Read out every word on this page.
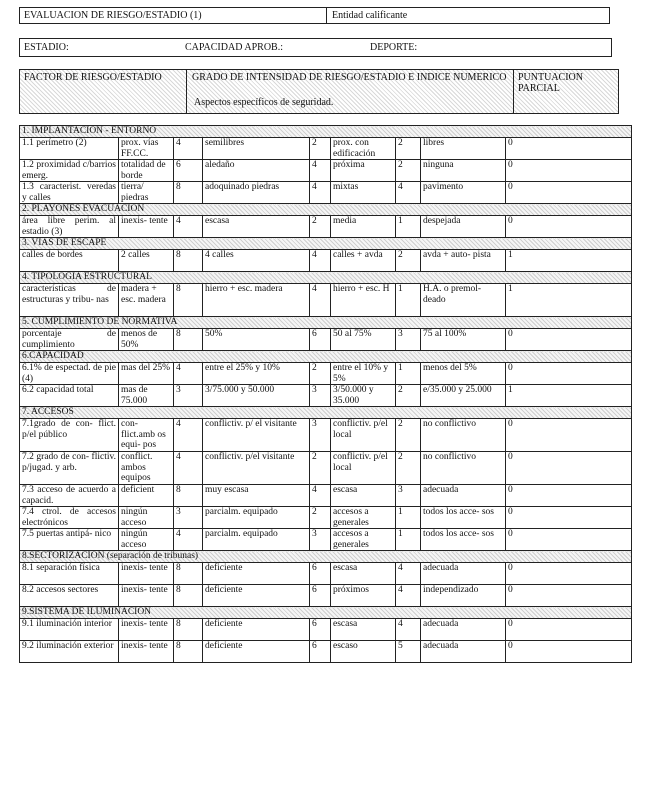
EVALUACION DE RIESGO/ESTADIO (1)	Entidad calificante
ESTADIO:	CAPACIDAD APROB.:	DEPORTE:
FACTOR DE RIESGO/ESTADIO	GRADO DE INTENSIDAD DE RIESGO/ESTADIO E INDICE NUMERICO
Aspectos específicos de seguridad.
PUNTUACION PARCIAL
1. IMPLANTACION - ENTORNO								
1.1 perímetro (2)	prox. vías FF.CC.	4	semilibres	2	prox. con edificación	2	libres	0
1.2 proximidad c/barrios emerg.	totalidad de borde	6	aledaño	4	próxima	2	ninguna	0
1.3 caracterist. veredas y calles	tierra/ piedras	8	adoquinado piedras	4	mixtas	4	pavimento	0
2. PLAYONES EVACUACION								
área libre perim. al estadio (3)	inexis- tente	4	escasa	2	media	1	despejada	0
3. VIAS DE ESCAPE								
calles de bordes	2 calles	8	4 calles	4	calles + avda	2	avda + auto- pista	1
4. TIPOLOGIA ESTRUCTURAL								
características de estructuras y tribu- nas	madera + esc. madera	8	hierro + esc. madera	4	hierro + esc. H	1	H.A. o premol- deado	1
5. CUMPLIMIENTO DE NORMATIVA								
porcentaje de cumplimiento	menos de 50%	8	50%	6	50 al 75%	3	75 al 100%	0
6.CAPACIDAD								
6.1% de espectad. de pie (4)	mas del 25%	4	entre el 25% y 10%	2	entre el 10% y 5%	1	menos del 5%	0
6.2 capacidad total	mas de 75.000	3	3/75.000 y 50.000	3	3/50.000 y 35.000	2	e/35.000 y 25.000	1
7. ACCESOS								
7.1grado de con- flict. p/el público	con- flict.amb os equi- pos	4	conflictiv. p/ el visitante	3	conflictiv. p/el local	2	no conflictivo	0
7.2 grado de con- flictiv. p/jugad. y arb.	conflict. ambos equipos	4	conflictiv. p/el visitante	2	conflictiv. p/el local	2	no conflictivo	0
7.3 acceso de acuerdo a capacid.	deficient	8	muy escasa	4	escasa	3	adecuada	0
7.4 ctrol. de accesos electrónicos	ningún acceso	3	parcialm. equipado	2	accesos a generales	1	todos los acce- sos	0
7.5 puertas antipá- nico	ningún acceso	4	parcialm. equipado	3	accesos a generales	1	todos los acce- sos	0
8.SECTORIZACION (separación de tribunas)								
8.1 separación física	inexis- tente	8	deficiente	6	escasa	4	adecuada	0
8.2 accesos sectores	inexis- tente	8	deficiente	6	próximos	4	independizado	0
9.SISTEMA DE ILUMINACION								
9.1 iluminación interior	inexis- tente	8	deficiente	6	escasa	4	adecuada	0
9.2 iluminación exterior	inexis- tente	8	deficiente	6	escaso	5	adecuada	0
